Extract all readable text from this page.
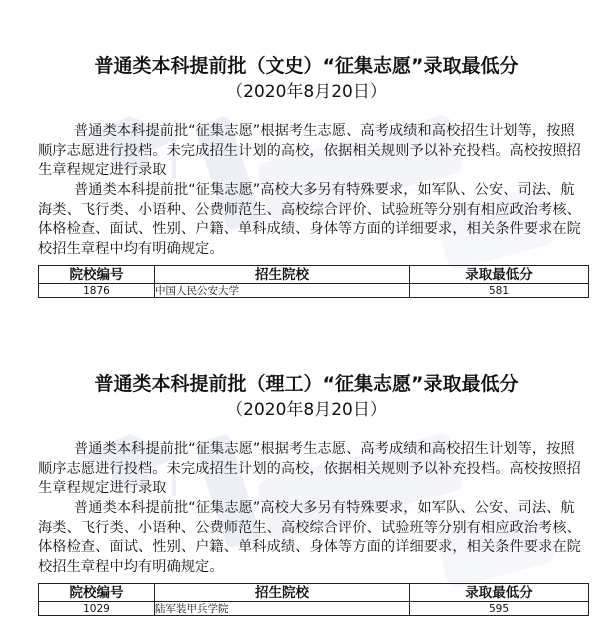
普通类本科提前批（文史）“征集志愿”录取最低分
（2020年8月20日）
普通类本科提前批“征集志愿”根据考生志愿、高考成绩和高校招生计划等，按照顺序志愿进行投档。未完成招生计划的高校，依据相关规则予以补充投档。高校按照招生章程规定进行录取
普通类本科提前批“征集志愿”高校大多另有特殊要求，如军队、公安、司法、航海类、飞行类、小语种、公费师范生、高校综合评价、试验班等分别有相应政治考核、体格检查、面试、性别、户籍、单科成绩、身体等方面的详细要求，相关条件要求在院校招生章程中均有明确规定。
院校编号	招生院校	录取最低分
1876	中国人民公安大学	581
普通类本科提前批（理工）“征集志愿”录取最低分
（2020年8月20日）
普通类本科提前批“征集志愿”根据考生志愿、高考成绩和高校招生计划等，按照顺序志愿进行投档。未完成招生计划的高校，依据相关规则予以补充投档。高校按照招生章程规定进行录取
普通类本科提前批“征集志愿”高校大多另有特殊要求，如军队、公安、司法、航海类、飞行类、小语种、公费师范生、高校综合评价、试验班等分别有相应政治考核、体格检查、面试、性别、户籍、单科成绩、身体等方面的详细要求，相关条件要求在院校招生章程中均有明确规定。
院校编号	招生院校	录取最低分
1029	陆军装甲兵学院	595
